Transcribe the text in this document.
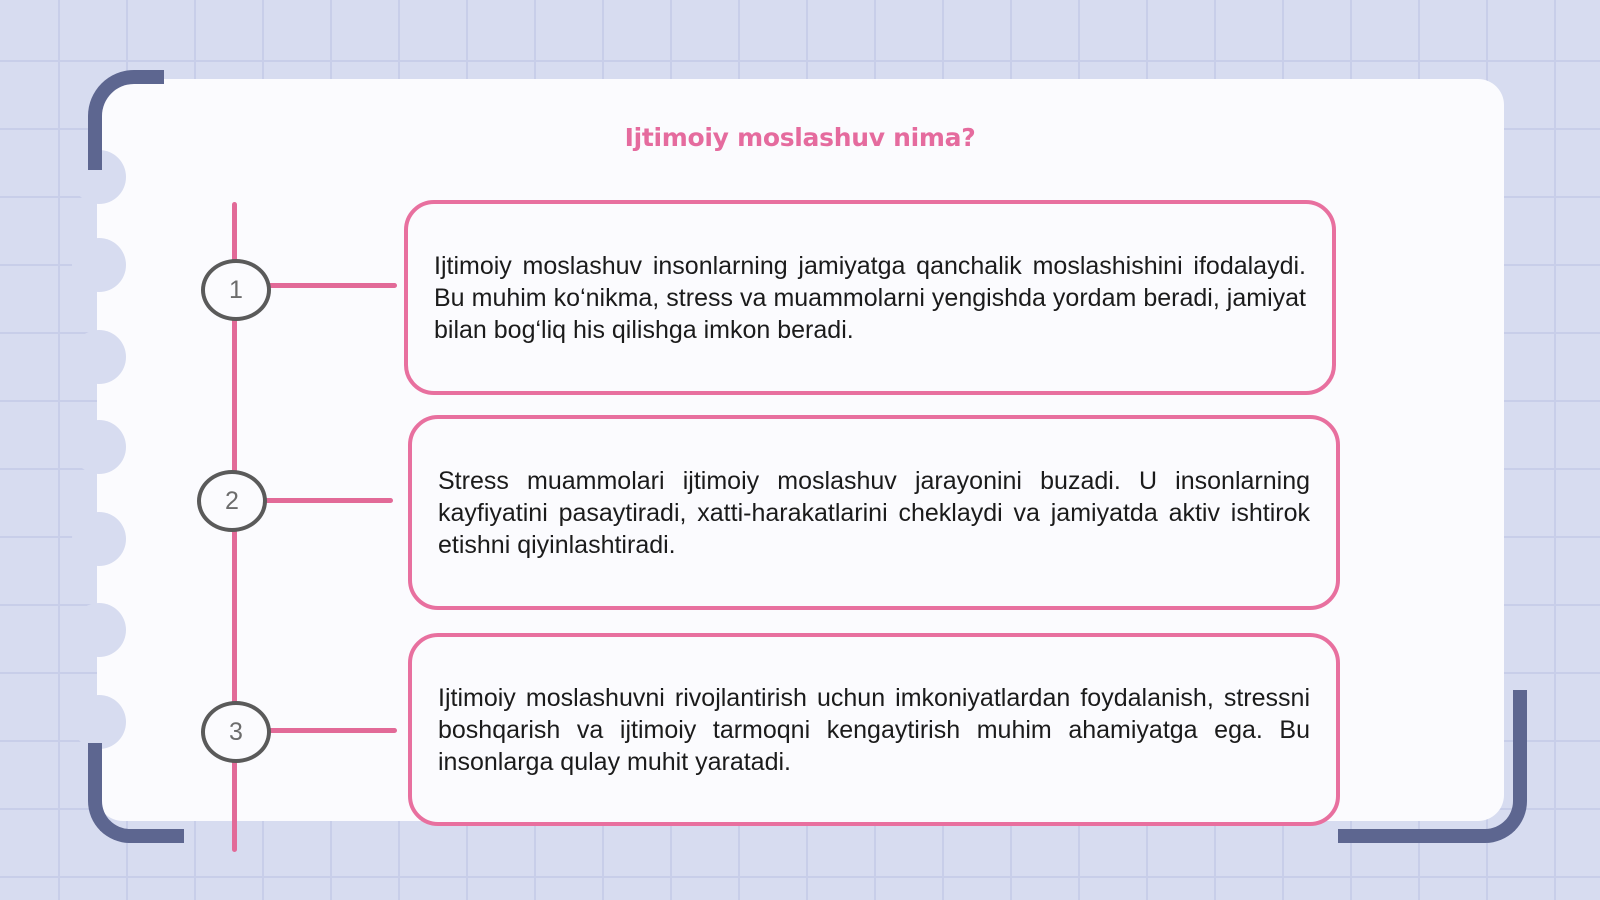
Ijtimoiy moslashuv nima?
1
2
3

Ijtimoiy moslashuv insonlarning jamiyatga qanchalik moslashishini ifodalaydi. Bu muhim ko‘nikma, stress va muammolarni yengishda yordam beradi, jamiyat bilan bog‘liq his qilishga imkon beradi.

Stress muammolari ijtimoiy moslashuv jarayonini buzadi. U insonlarning kayfiyatini pasaytiradi, xatti-harakatlarini cheklaydi va jamiyatda aktiv ishtirok etishni qiyinlashtiradi.

Ijtimoiy moslashuvni rivojlantirish uchun imkoniyatlardan foydalanish, stressni boshqarish va ijtimoiy tarmoqni kengaytirish muhim ahamiyatga ega. Bu insonlarga qulay muhit yaratadi.
